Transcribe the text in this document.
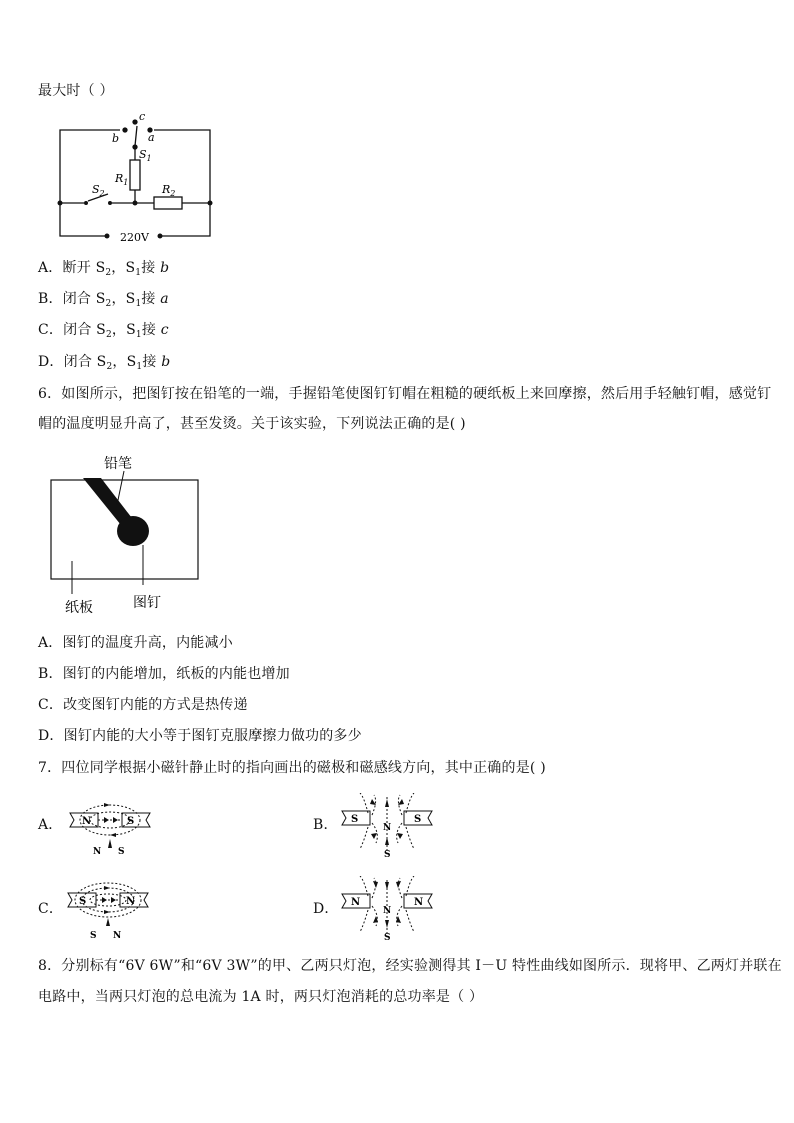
最大时（ ）
c
a
b
$S_1$
$S_2$
$R_1$
$R_2$
220V
A．断开 $S_2$，$S_1$接 b
B．闭合 $S_2$，$S_1$接 a
C．闭合 $S_2$，$S_1$接 c
D．闭合 $S_2$，$S_1$接 b
6．如图所示，把图钉按在铅笔的一端，手握铅笔使图钉钉帽在粗糙的硬纸板上来回摩擦，然后用手轻触钉帽，感觉钉
帽的温度明显升高了，甚至发烫。关于该实验，下列说法正确的是( )
铅笔
纸板	图钉
A．图钉的温度升高，内能减小
B．图钉的内能增加，纸板的内能也增加
C．改变图钉内能的方式是热传递
D．图钉内能的大小等于图钉克服摩擦力做功的多少
7．四位同学根据小磁针静止时的指向画出的磁极和磁感线方向，其中正确的是( )
A． N	S
N S
B． S	S
N
S
C． S	N
S N
D． N	N
N
S
8．分别标有“6V 6W”和“6V 3W”的甲、乙两只灯泡，经实验测得其 I－U 特性曲线如图所示．现将甲、乙两灯并联在
电路中，当两只灯泡的总电流为 1A 时，两只灯泡消耗的总功率是（ ）
